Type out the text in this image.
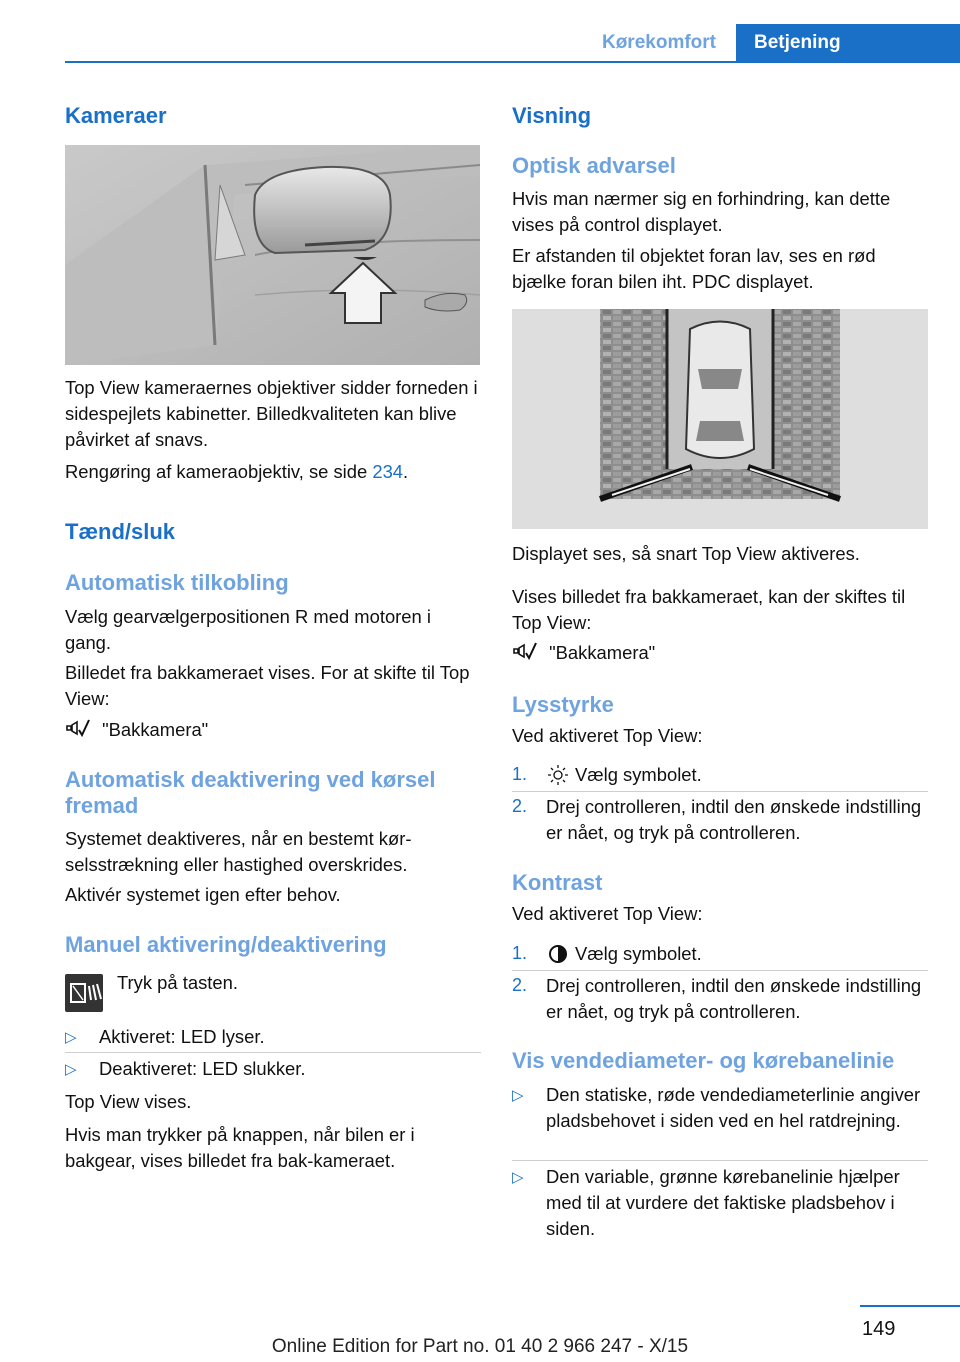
Kørekomfort	Betjening
Kameraer
Top View kameraernes objektiver sidder forneden i sidespejlets kabinetter. Billedkvaliteten kan blive påvirket af snavs.
Rengøring af kameraobjektiv, se side 234.
Tænd/sluk
Automatisk tilkobling
Vælg gearvælgerpositionen R med motoren i gang.
Billedet fra bakkameraet vises. For at skifte til Top View:
"Bakkamera"
Automatisk deaktivering ved kørsel fremad
Systemet deaktiveres, når en bestemt kørselsstrækning eller hastighed overskrides.
Aktivér systemet igen efter behov.
Manuel aktivering/deaktivering
Tryk på tasten.
▷ Aktiveret: LED lyser.
▷ Deaktiveret: LED slukker.
Top View vises.
Hvis man trykker på knappen, når bilen er i bakgear, vises billedet fra bak-kameraet.
Visning
Optisk advarsel
Hvis man nærmer sig en forhindring, kan dette vises på control displayet.
Er afstanden til objektet foran lav, ses en rød bjælke foran bilen iht. PDC displayet.
Displayet ses, så snart Top View aktiveres.
Vises billedet fra bakkameraet, kan der skiftes til Top View:
"Bakkamera"
Lysstyrke
Ved aktiveret Top View:
1.	Vælg symbolet.
2. Drej controlleren, indtil den ønskede indstilling er nået, og tryk på controlleren.
Kontrast
Ved aktiveret Top View:
1.	Vælg symbolet.
2. Drej controlleren, indtil den ønskede indstilling er nået, og tryk på controlleren.
Vis vendediameter- og kørebanelinie
▷ Den statiske, røde vendediameterlinie angiver pladsbehovet i siden ved en hel ratdrejning.
▷ Den variable, grønne kørebanelinie hjælper med til at vurdere det faktiske pladsbehov i siden.
149
Online Edition for Part no. 01 40 2 966 247 - X/15
